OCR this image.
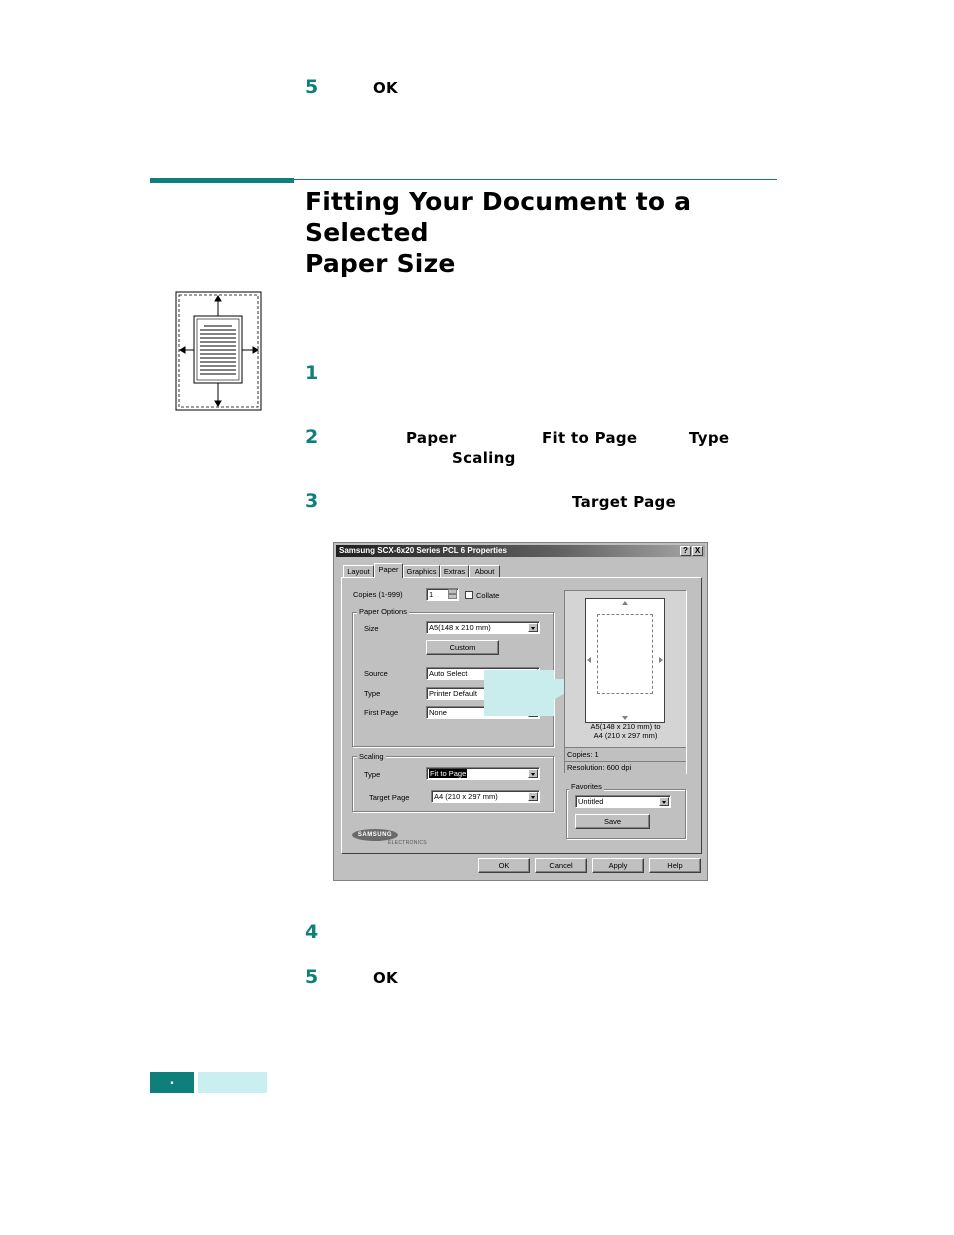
5	OK
Fitting Your Document to a Selected
Paper Size
1
2	Paper	Fit to Page	Type
Scaling
3	Target Page
Samsung SCX-6x20 Series PCL 6 Properties	? X
Layout	Paper	Graphics Extras	About
Copies (1-999)	1	Collate
Paper Options
Size	A5(148 x 210 mm)
Custom
Source	Auto Select
Type	Printer Default
First Page	None
Scaling
Type	Fit to Page
Target Page	A4 (210 x 297 mm)
A5(148 x 210 mm) to
A4 (210 x 297 mm)
Copies: 1
Resolution: 600 dpi
Favorites
Untitled
Save
SAMSUNG
ELECTRONICS
OK	Cancel	Apply	Help
4
5	OK
.
